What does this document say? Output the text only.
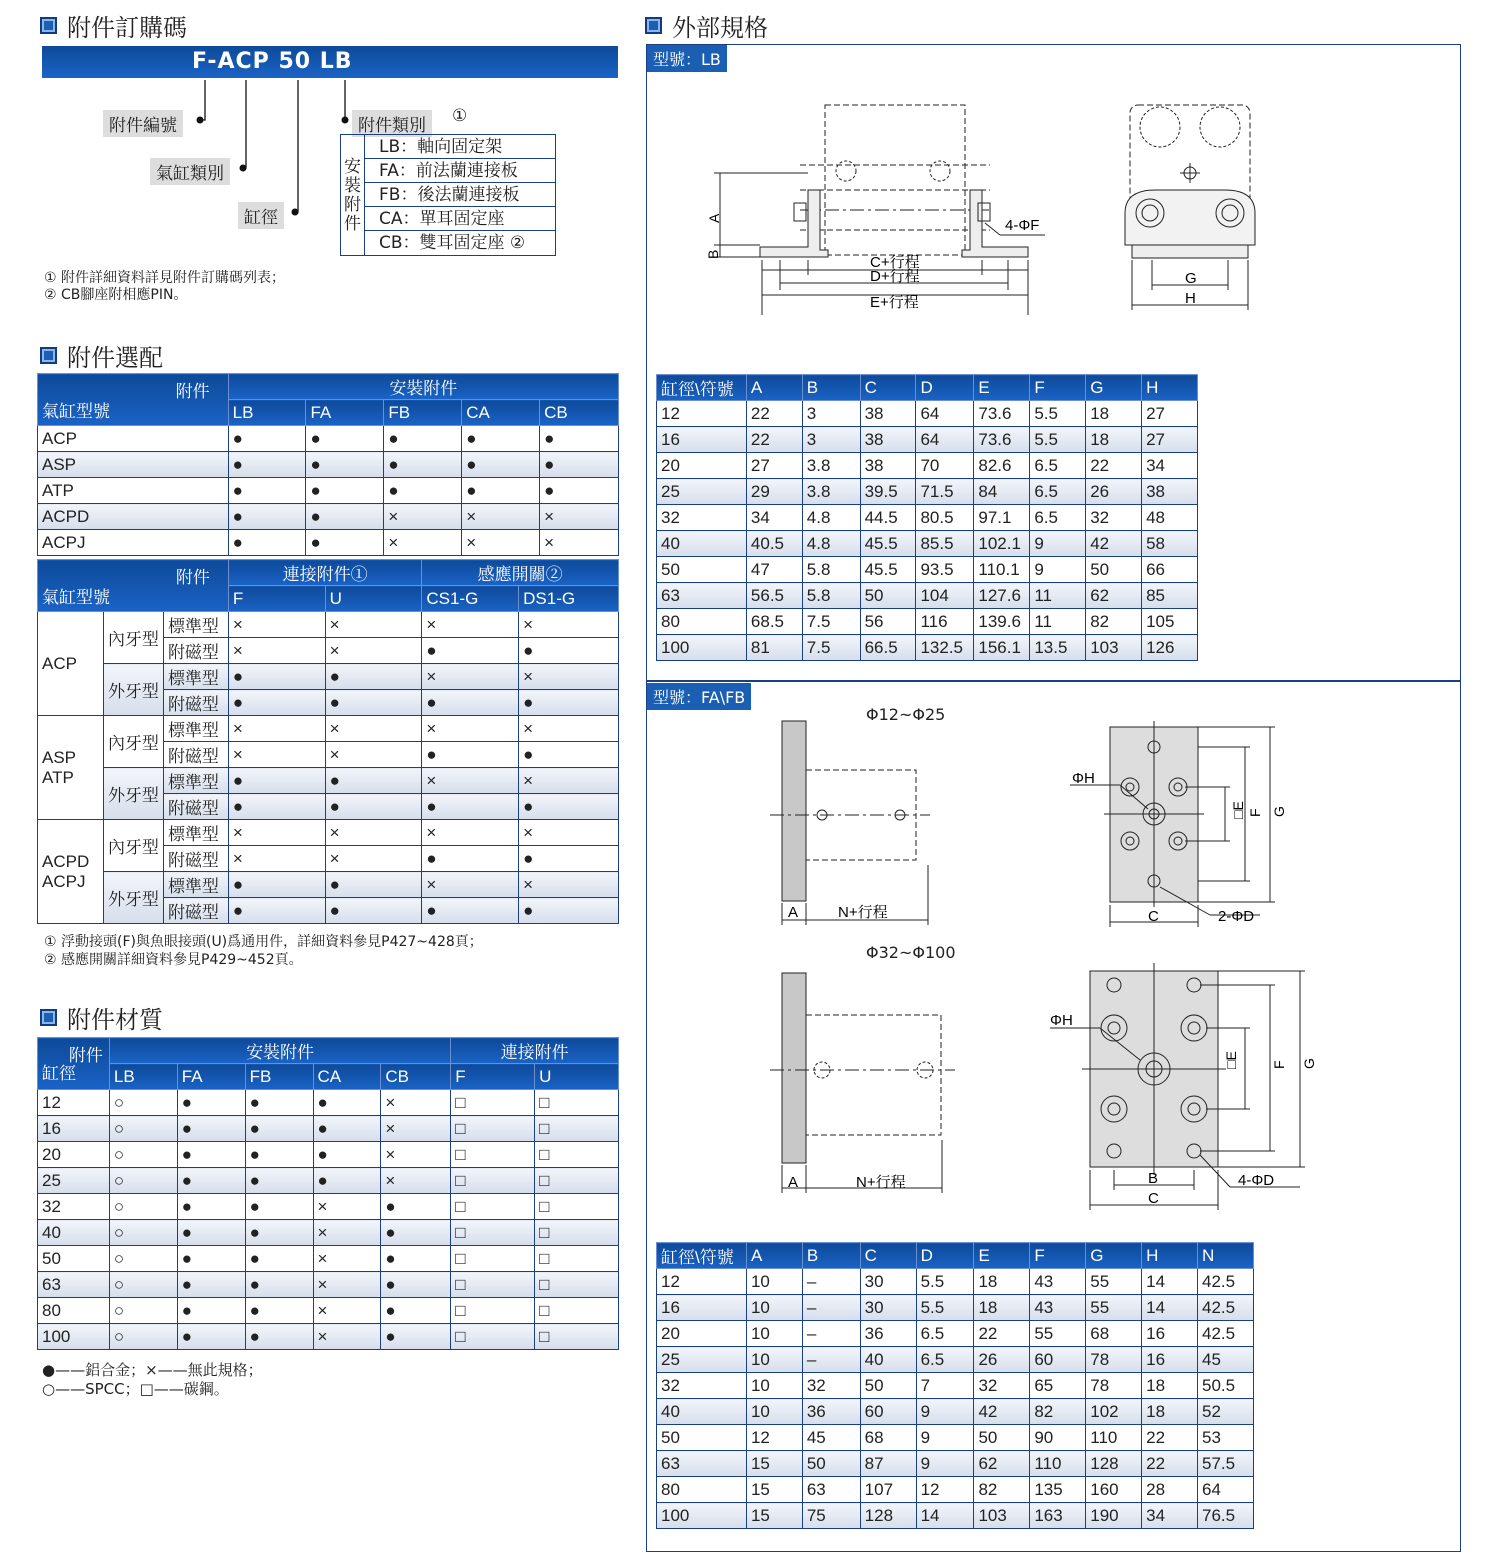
附件訂購碼
F-ACP 50 LB
附件編號
氣缸類別
缸徑
附件類別	①
安裝附件
LB：軸向固定架
FA：前法蘭連接板
FB：後法蘭連接板
CA：單耳固定座
CB：雙耳固定座 ②
① 附件詳細資料詳見附件訂購碼列表；
② CB腳座附相應PIN。
附件選配
附件
氣缸型號	安裝附件				
	LB	FA	FB	CA	CB
ACP	●	●	●	●	●
ASP	●	●	●	●	●
ATP	●	●	●	●	●
ACPD	●	●	×	×	×
ACPJ	●	●	×	×	×
附件
氣缸型號			連接附件①		感應開關②	
			F	U	CS1-G	DS1-G
ACP	內牙型	標準型	×	×	×	×
		附磁型	×	×	●	●
	外牙型	標準型	●	●	×	×
		附磁型	●	●	●	●
ASP
ATP	內牙型	標準型	×	×	×	×
		附磁型	×	×	●	●
	外牙型	標準型	●	●	×	×
		附磁型	●	●	●	●
ACPD
ACPJ	內牙型	標準型	×	×	×	×
		附磁型	×	×	●	●
	外牙型	標準型	●	●	×	×
		附磁型	●	●	●	●
① 浮動接頭(F)與魚眼接頭(U)爲通用件，詳細資料參見P427~428頁；
② 感應開關詳細資料參見P429~452頁。
附件材質
附件
缸徑	安裝附件					連接附件	
	LB	FA	FB	CA	CB	F	U
12	○	●	●	●	×	□	□
16	○	●	●	●	×	□	□
20	○	●	●	●	×	□	□
25	○	●	●	●	×	□	□
32	○	●	●	×	●	□	□
40	○	●	●	×	●	□	□
50	○	●	●	×	●	□	□
63	○	●	●	×	●	□	□
80	○	●	●	×	●	□	□
100	○	●	●	×	●	□	□
●——鋁合金；×——無此規格；
○——SPCC；□——碳鋼。
外部規格
型號：LB
型號：FA\FB
A
B	C+行程
D+行程
E+行程
4-ΦF
G
H
缸徑\符號	A	B	C	D	E	F	G	H
12	22	3	38	64	73.6	5.5	18	27
16	22	3	38	64	73.6	5.5	18	27
20	27	3.8	38	70	82.6	6.5	22	34
25	29	3.8	39.5	71.5	84	6.5	26	38
32	34	4.8	44.5	80.5	97.1	6.5	32	48
40	40.5	4.8	45.5	85.5	102.1	9	42	58
50	47	5.8	45.5	93.5	110.1	9	50	66
63	56.5	5.8	50	104	127.6	11	62	85
80	68.5	7.5	56	116	139.6	11	82	105
100	81	7.5	66.5	132.5	156.1	13.5	103	126
Φ12~Φ25
Φ32~Φ100
A	N+行程
ΦH
□E F G
C	2-ΦD
A	N+行程
ΦH
□E F G
B
C
4-ΦD
缸徑\符號	A	B	C	D	E	F	G	H	N
12	10	–	30	5.5	18	43	55	14	42.5
16	10	–	30	5.5	18	43	55	14	42.5
20	10	–	36	6.5	22	55	68	16	42.5
25	10	–	40	6.5	26	60	78	16	45
32	10	32	50	7	32	65	78	18	50.5
40	10	36	60	9	42	82	102	18	52
50	12	45	68	9	50	90	110	22	53
63	15	50	87	9	62	110	128	22	57.5
80	15	63	107	12	82	135	160	28	64
100	15	75	128	14	103	163	190	34	76.5
